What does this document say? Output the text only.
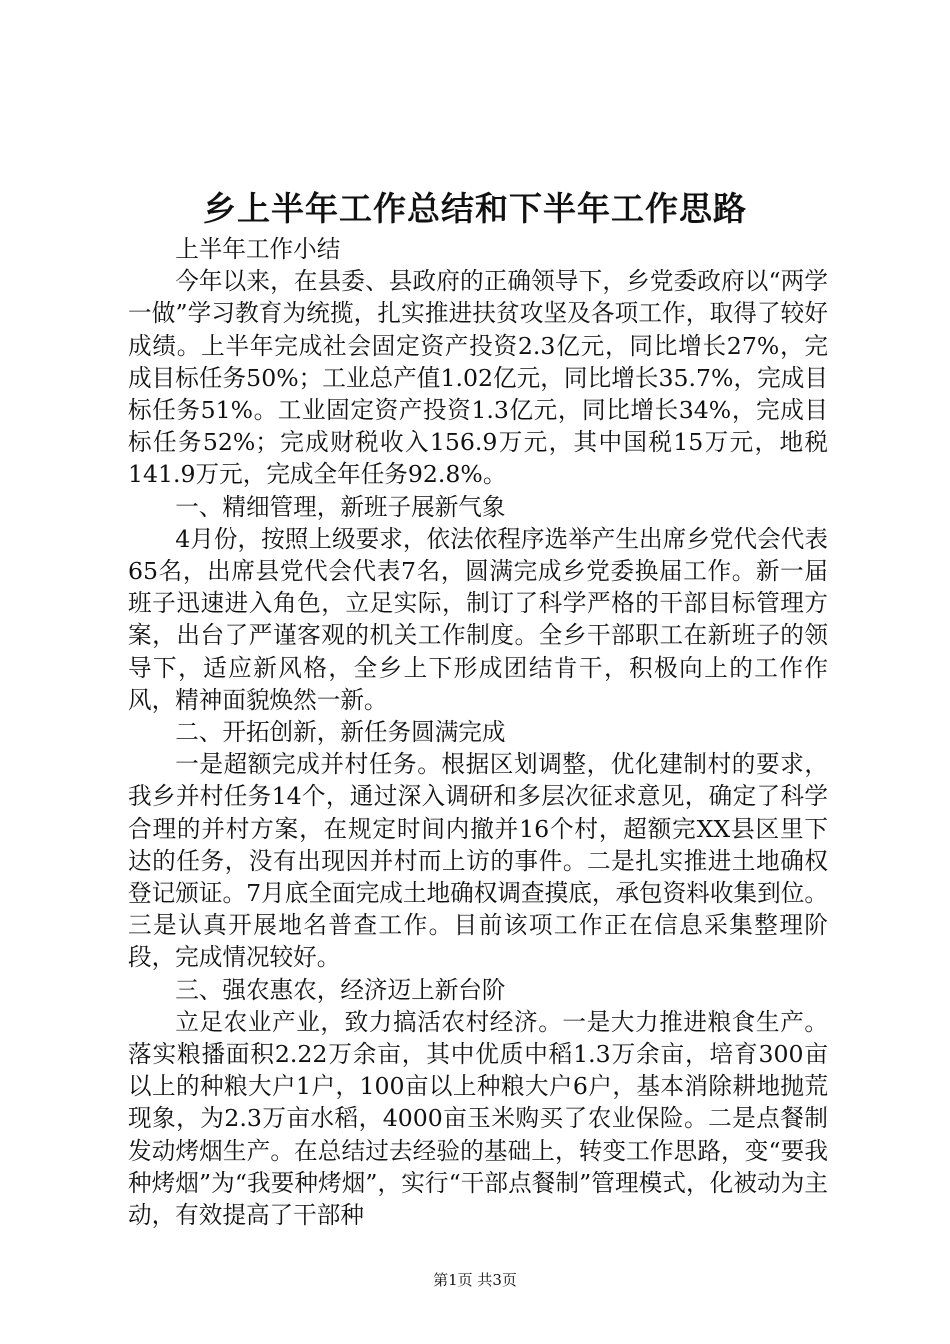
乡上半年工作总结和下半年工作思路

上半年工作小结

今年以来，在县委、县政府的正确领导下，乡党委政府以“两学一做”学习教育为统揽，扎实推进扶贫攻坚及各项工作，取得了较好成绩。上半年完成社会固定资产投资2.3亿元，同比增长27%，完成目标任务50%；工业总产值1.02亿元，同比增长35.7%，完成目标任务51%。工业固定资产投资1.3亿元，同比增长34%，完成目标任务52%；完成财税收入156.9万元，其中国税15万元，地税141.9万元，完成全年任务92.8%。

一、精细管理，新班子展新气象

4月份，按照上级要求，依法依程序选举产生出席乡党代会代表65名，出席县党代会代表7名，圆满完成乡党委换届工作。新一届班子迅速进入角色，立足实际，制订了科学严格的干部目标管理方案，出台了严谨客观的机关工作制度。全乡干部职工在新班子的领导下，适应新风格，全乡上下形成团结肯干，积极向上的工作作风，精神面貌焕然一新。

二、开拓创新，新任务圆满完成

一是超额完成并村任务。根据区划调整，优化建制村的要求，我乡并村任务14个，通过深入调研和多层次征求意见，确定了科学合理的并村方案，在规定时间内撤并16个村，超额完XX县区里下达的任务，没有出现因并村而上访的事件。二是扎实推进土地确权登记颁证。7月底全面完成土地确权调查摸底，承包资料收集到位。三是认真开展地名普查工作。目前该项工作正在信息采集整理阶段，完成情况较好。

三、强农惠农，经济迈上新台阶

立足农业产业，致力搞活农村经济。一是大力推进粮食生产。落实粮播面积2.22万余亩，其中优质中稻1.3万余亩，培育300亩以上的种粮大户1户，100亩以上种粮大户6户，基本消除耕地抛荒现象，为2.3万亩水稻，4000亩玉米购买了农业保险。二是点餐制发动烤烟生产。在总结过去经验的基础上，转变工作思路，变“要我种烤烟”为“我要种烤烟”，实行“干部点餐制”管理模式，化被动为主动，有效提高了干部种

第1页 共3页
